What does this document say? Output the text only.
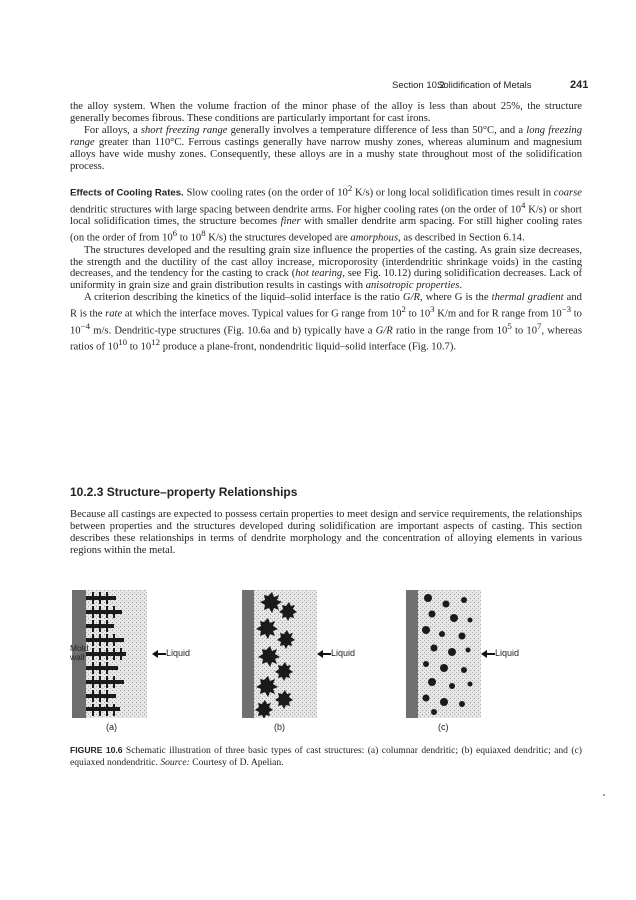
Section 10.2
Solidification of Metals	241

the alloy system. When the volume fraction of the minor phase of the alloy is less than about 25%, the structure generally becomes fibrous. These conditions are particularly important for cast irons.

For alloys, a short freezing range generally involves a temperature difference of less than 50°C, and a long freezing range greater than 110°C. Ferrous castings generally have narrow mushy zones, whereas aluminum and magnesium alloys have wide mushy zones. Consequently, these alloys are in a mushy state throughout most of the solidification process.

Effects of Cooling Rates. Slow cooling rates (on the order of $10^2$ K/s) or long local solidification times result in coarse dendritic structures with large spacing between dendrite arms. For higher cooling rates (on the order of $10^4$ K/s) or short local solidification times, the structure becomes finer with smaller dendrite arm spacing. For still higher cooling rates (on the order of from $10^6$ to $10^8$ K/s) the structures developed are amorphous, as described in Section 6.14.

The structures developed and the resulting grain size influence the properties of the casting. As grain size decreases, the strength and the ductility of the cast alloy increase, microporosity (interdendritic shrinkage voids) in the casting decreases, and the tendency for the casting to crack (hot tearing, see Fig. 10.12) during solidification decreases. Lack of uniformity in grain size and grain distribution results in castings with anisotropic properties.

A criterion describing the kinetics of the liquid–solid interface is the ratio G/R, where G is the thermal gradient and R is the rate at which the interface moves. Typical values for G range from $10^2$ to $10^3$ K/m and for R range from $10^{-3}$ to $10^{-4}$ m/s. Dendritic-type structures (Fig. 10.6a and b) typically have a G/R ratio in the range from $10^5$ to $10^7$, whereas ratios of $10^{10}$ to $10^{12}$ produce a plane-front, nondendritic liquid–solid interface (Fig. 10.7).

10.2.3 Structure–property Relationships

Because all castings are expected to possess certain properties to meet design and service requirements, the relationships between properties and the structures developed during solidification are important aspects of casting. This section describes these relationships in terms of dendrite morphology and the concentration of alloying elements in various regions within the metal.

Mold wall	Liquid
(a)
Liquid
(b)
Liquid
(c)
FIGURE 10.6 Schematic illustration of three basic types of cast structures: (a) columnar dendritic; (b) equiaxed dendritic; and (c) equiaxed nondendritic. Source: Courtesy of D. Apelian.
